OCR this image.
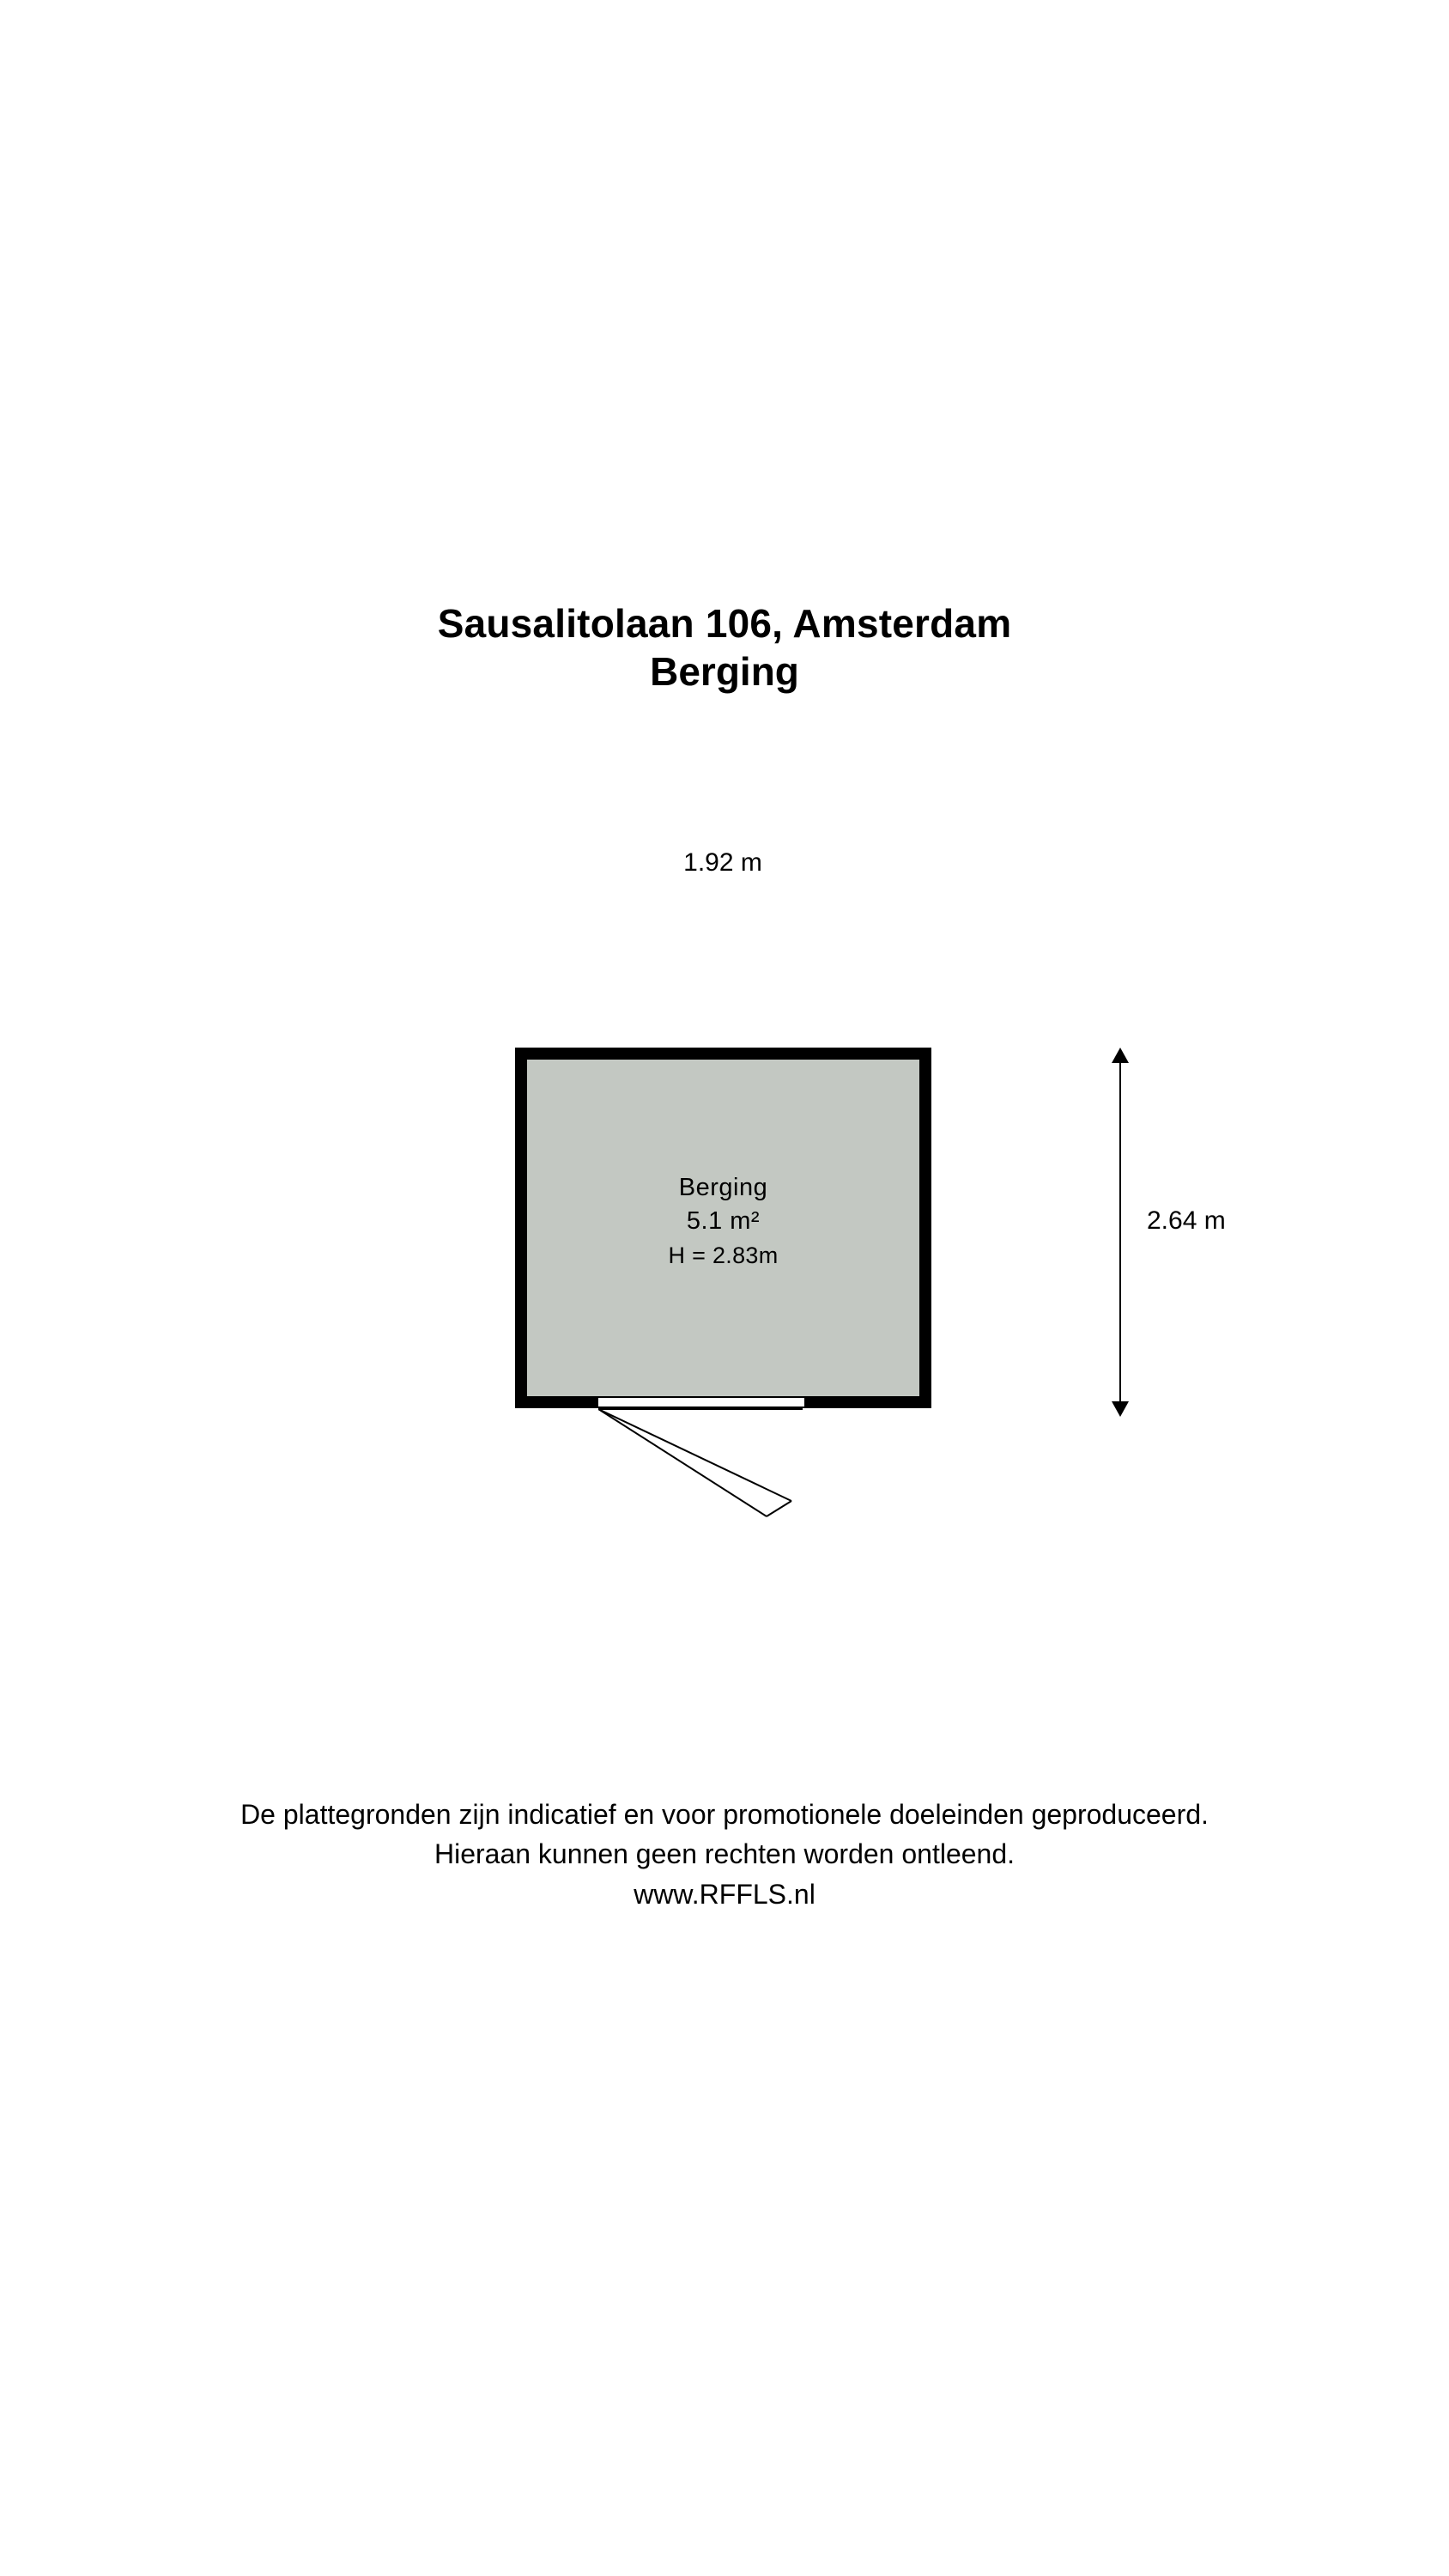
Sausalitolaan 106, Amsterdam
Berging
1.92 m
Berging
5.1 m²
H = 2.83m
2.64 m
De plattegronden zijn indicatief en voor promotionele doeleinden geproduceerd.
Hieraan kunnen geen rechten worden ontleend.
www.RFFLS.nl
